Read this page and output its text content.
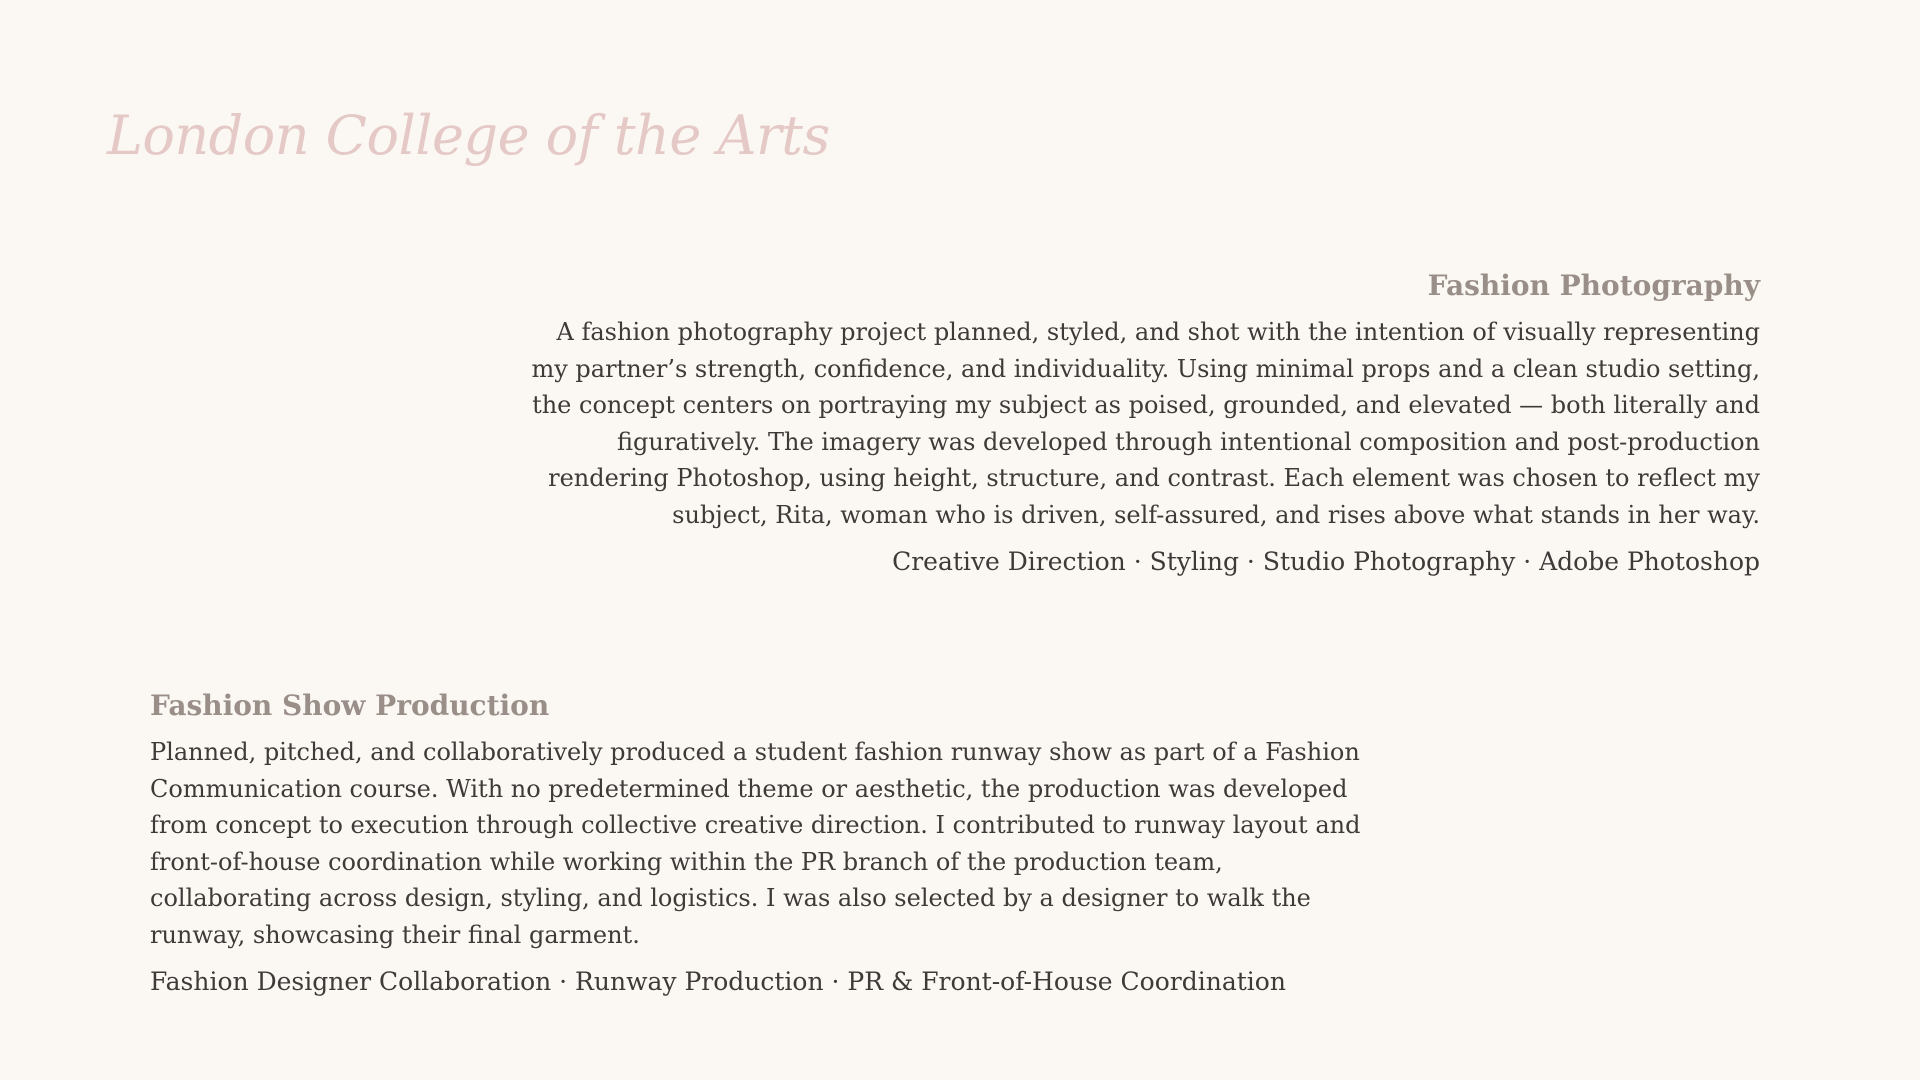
London College of the Arts
Fashion Photography

A fashion photography project planned, styled, and shot with the intention of visually representing my partner’s strength, confidence, and individuality. Using minimal props and a clean studio setting, the concept centers on portraying my subject as poised, grounded, and elevated — both literally and figuratively. The imagery was developed through intentional composition and post-production rendering Photoshop, using height, structure, and contrast. Each element was chosen to reflect my subject, Rita, woman who is driven, self-assured, and rises above what stands in her way.

Creative Direction · Styling · Studio Photography · Adobe Photoshop

Fashion Show Production

Planned, pitched, and collaboratively produced a student fashion runway show as part of a Fashion Communication course. With no predetermined theme or aesthetic, the production was developed from concept to execution through collective creative direction. I contributed to runway layout and front-of-house coordination while working within the PR branch of the production team, collaborating across design, styling, and logistics. I was also selected by a designer to walk the runway, showcasing their final garment.

Fashion Designer Collaboration · Runway Production · PR & Front-of-House Coordination
